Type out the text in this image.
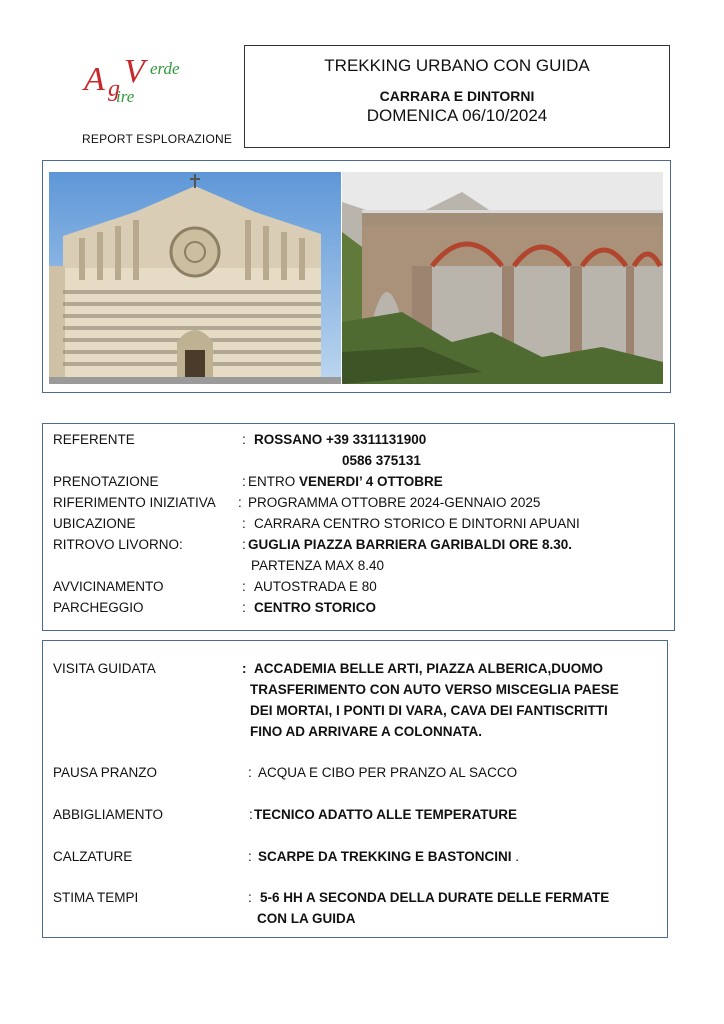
A g V erde
ire
REPORT ESPLORAZIONE
TREKKING URBANO CON GUIDA
CARRARA E DINTORNI
DOMENICA 06/10/2024
REFERENTE	: ROSSANO +39 3311131900
0586 375131
PRENOTAZIONE	: ENTRO VENERDI’ 4 OTTOBRE
RIFERIMENTO INIZIATIVA : PROGRAMMA OTTOBRE 2024-GENNAIO 2025
UBICAZIONE	: CARRARA CENTRO STORICO E DINTORNI APUANI
RITROVO LIVORNO:	: GUGLIA PIAZZA BARRIERA GARIBALDI ORE 8.30.
PARTENZA MAX 8.40
AVVICINAMENTO	: AUTOSTRADA E 80
PARCHEGGIO	: CENTRO STORICO
VISITA GUIDATA	: ACCADEMIA BELLE ARTI, PIAZZA ALBERICA,DUOMO
TRASFERIMENTO CON AUTO VERSO MISCEGLIA PAESE
DEI MORTAI, I PONTI DI VARA, CAVA DEI FANTISCRITTI
FINO AD ARRIVARE A COLONNATA.
PAUSA PRANZO	: ACQUA E CIBO PER PRANZO AL SACCO
ABBIGLIAMENTO	: TECNICO ADATTO ALLE TEMPERATURE
CALZATURE	: SCARPE DA TREKKING E BASTONCINI .
STIMA TEMPI	: 5-6 HH A SECONDA DELLA DURATE DELLE FERMATE
CON LA GUIDA
